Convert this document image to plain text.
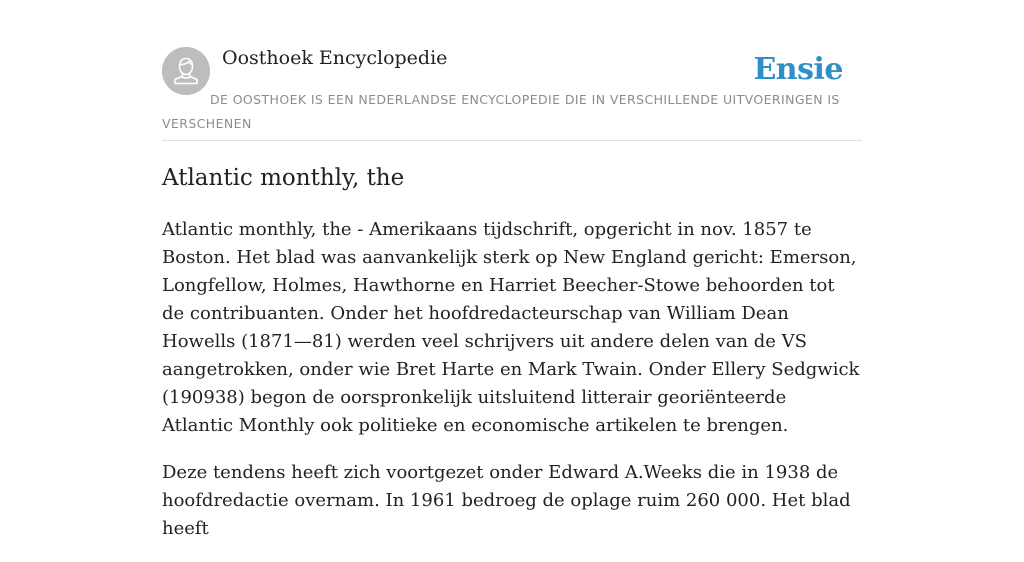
Oosthoek Encyclopedie	Ensie
DE OOSTHOEK IS EEN NEDERLANDSE ENCYCLOPEDIE DIE IN VERSCHILLENDE UITVOERINGEN IS VERSCHENEN
Atlantic monthly, the

Atlantic monthly, the - Amerikaans tijdschrift, opgericht in nov. 1857 te Boston. Het blad was aanvankelijk sterk op New England gericht: Emerson, Longfellow, Holmes, Hawthorne en Harriet Beecher-Stowe behoorden tot de contribuanten. Onder het hoofdredacteurschap van William Dean Howells (1871—81) werden veel schrijvers uit andere delen van de VS aangetrokken, onder wie Bret Harte en Mark Twain. Onder Ellery Sedgwick (190938) begon de oorspronkelijk uitsluitend litterair georiënteerde Atlantic Monthly ook politieke en economische artikelen te brengen.

Deze tendens heeft zich voortgezet onder Edward A.Weeks die in 1938 de hoofdredactie overnam. In 1961 bedroeg de oplage ruim 260 000. Het blad heeft
